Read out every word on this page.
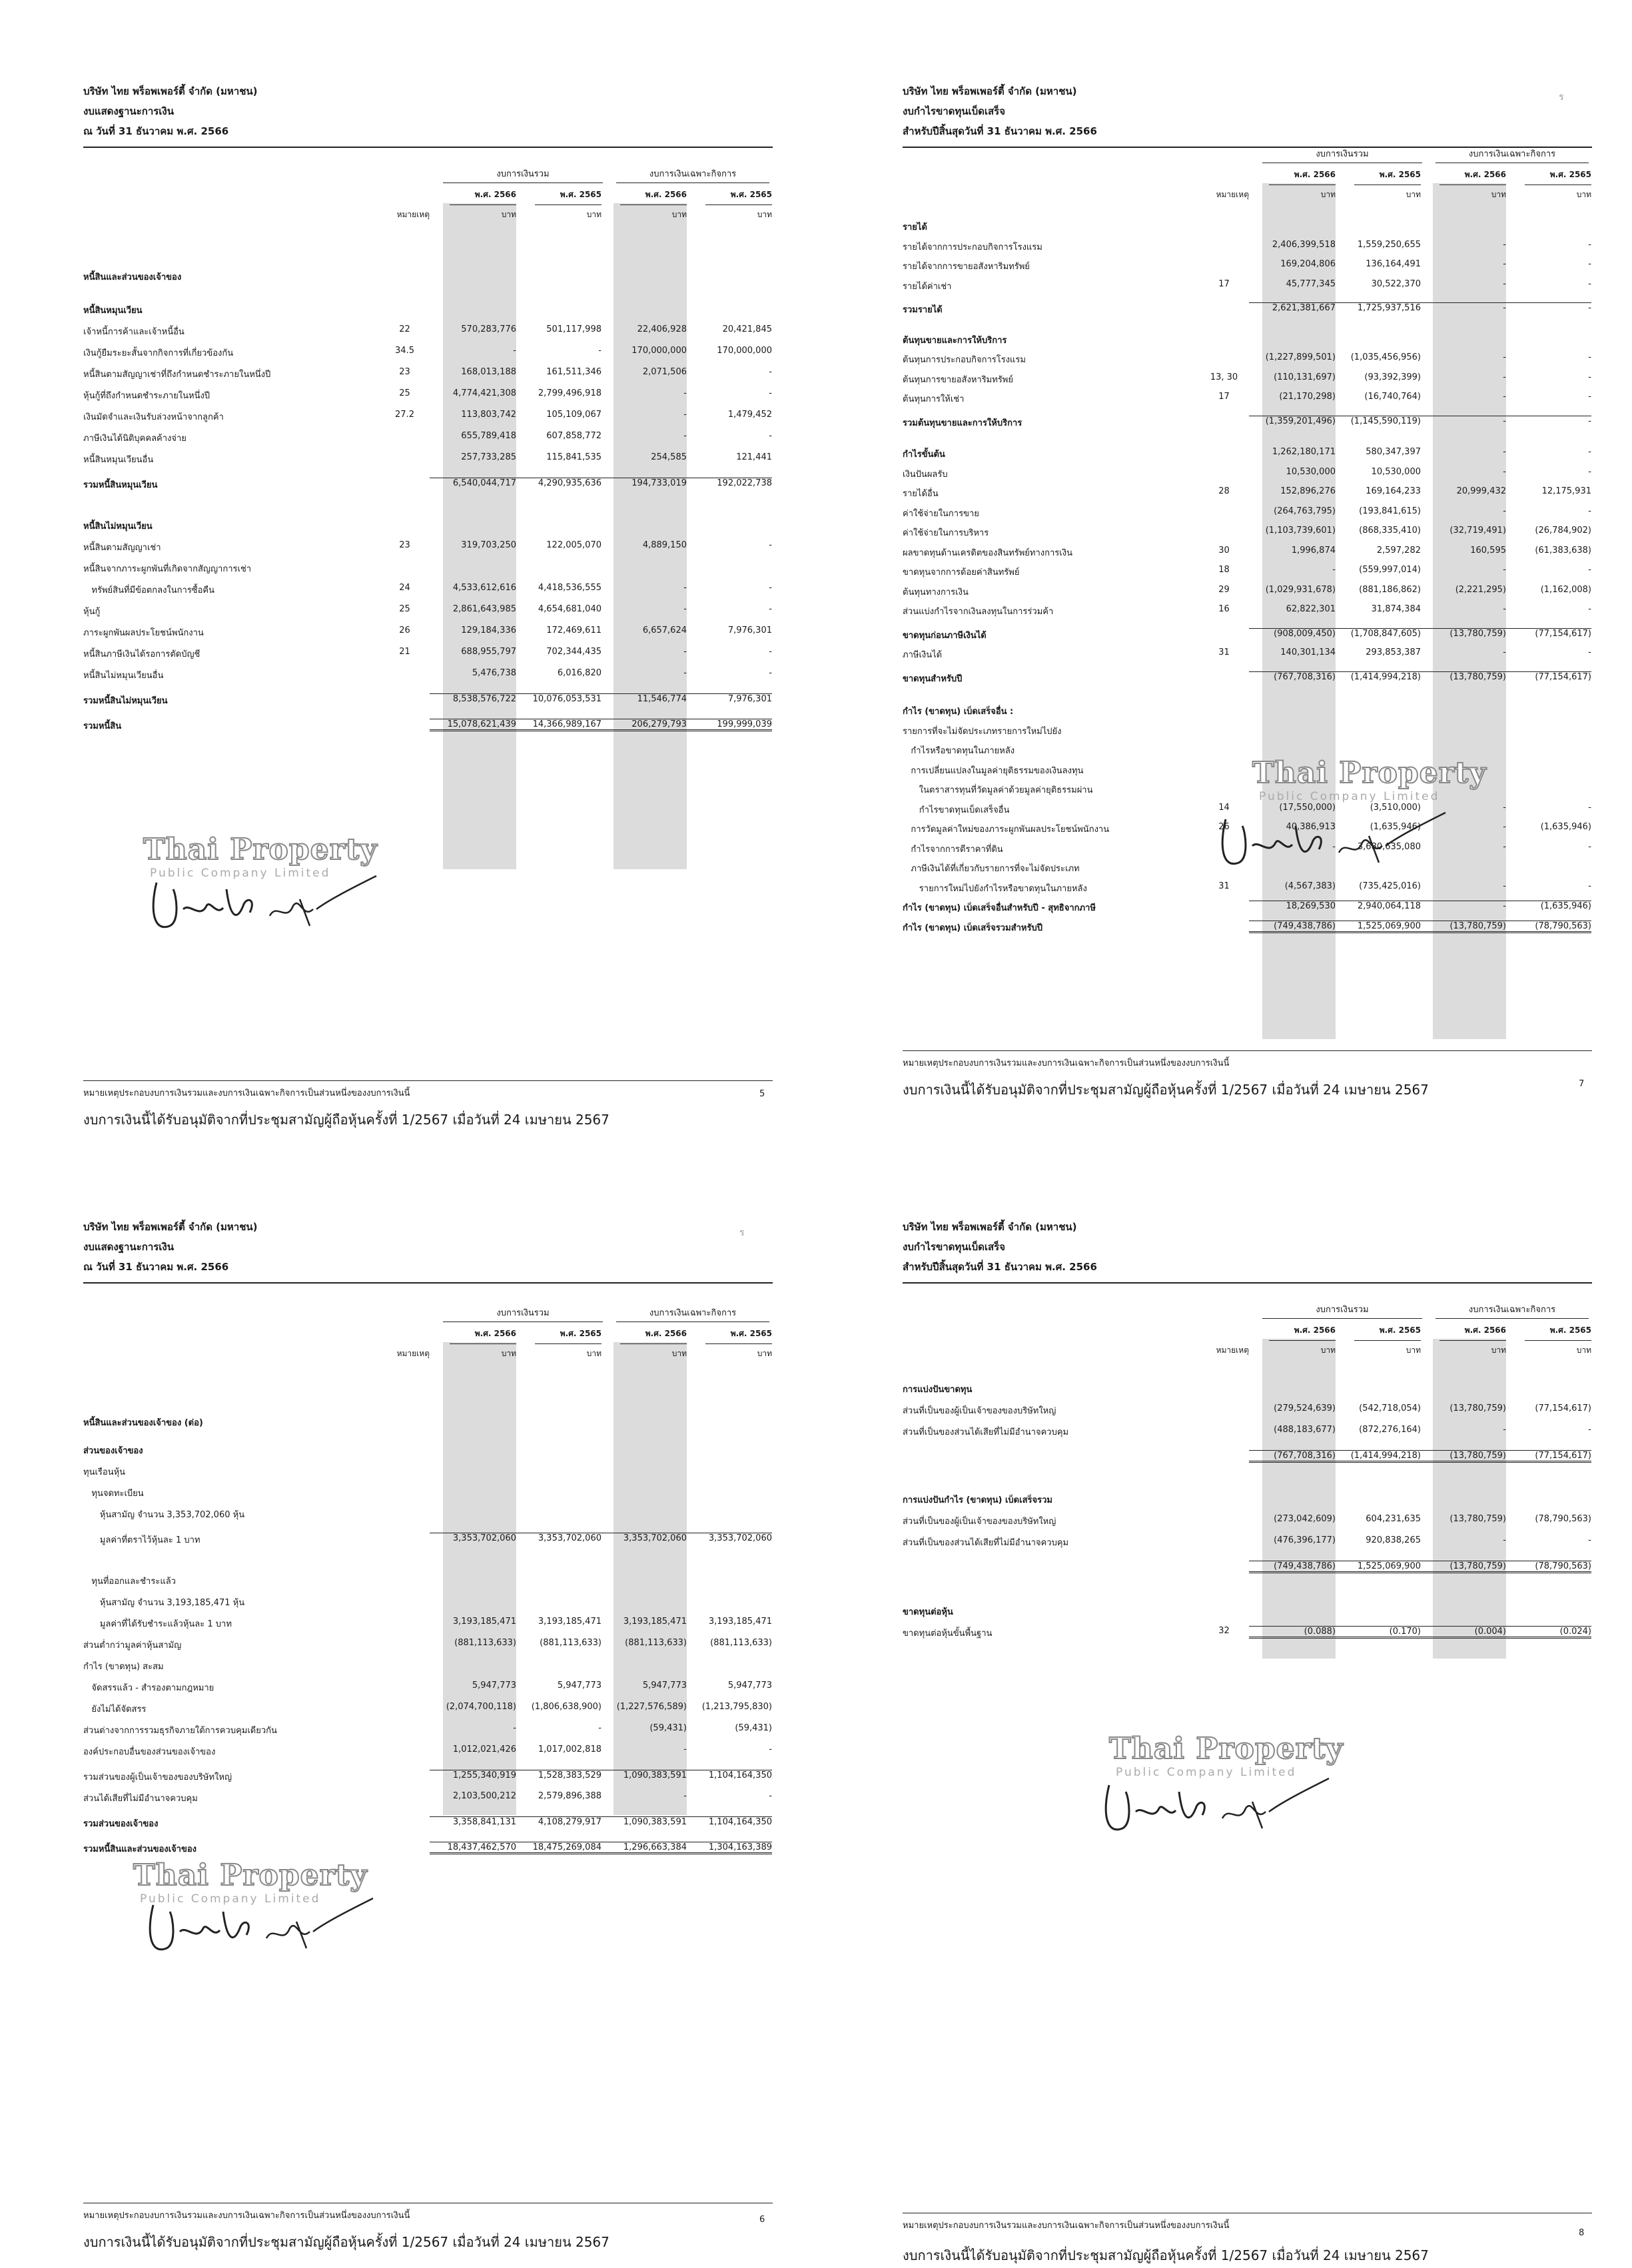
บริษัท ไทย พร็อพเพอร์ตี้ จำกัด (มหาชน)
งบแสดงฐานะการเงิน
ณ วันที่ 31 ธันวาคม พ.ศ. 2566
งบการเงินรวม	งบการเงินเฉพาะกิจการ
พ.ศ. 2566
บาท
พ.ศ. 2565
บาท
พ.ศ. 2566
บาท
พ.ศ. 2565
บาท
หมายเหตุ
หนี้สินและส่วนของเจ้าของ
หนี้สินหมุนเวียน
เจ้าหนี้การค้าและเจ้าหนี้อื่น	22	570,283,776	501,117,998	22,406,928	20,421,845
เงินกู้ยืมระยะสั้นจากกิจการที่เกี่ยวข้องกัน	34.5	-	-	170,000,000	170,000,000
หนี้สินตามสัญญาเช่าที่ถึงกำหนดชำระภายในหนึ่งปี	23	168,013,188	161,511,346	2,071,506	-
หุ้นกู้ที่ถึงกำหนดชำระภายในหนึ่งปี	25	4,774,421,308	2,799,496,918	-	-
เงินมัดจำและเงินรับล่วงหน้าจากลูกค้า	27.2	113,803,742	105,109,067	-	1,479,452
ภาษีเงินได้นิติบุคคลค้างจ่าย	655,789,418	607,858,772	-	-
หนี้สินหมุนเวียนอื่น	257,733,285	115,841,535	254,585	121,441
รวมหนี้สินหมุนเวียน	6,540,044,717	4,290,935,636	194,733,019	192,022,738
หนี้สินไม่หมุนเวียน
หนี้สินตามสัญญาเช่า	23	319,703,250	122,005,070	4,889,150	-
หนี้สินจากภาระผูกพันที่เกิดจากสัญญาการเช่า
ทรัพย์สินที่มีข้อตกลงในการซื้อคืน	24	4,533,612,616	4,418,536,555	-	-
หุ้นกู้	25	2,861,643,985	4,654,681,040	-	-
ภาระผูกพันผลประโยชน์พนักงาน	26	129,184,336	172,469,611	6,657,624	7,976,301
หนี้สินภาษีเงินได้รอการตัดบัญชี	21	688,955,797	702,344,435	-	-
หนี้สินไม่หมุนเวียนอื่น	5,476,738	6,016,820	-	-
รวมหนี้สินไม่หมุนเวียน	8,538,576,722	10,076,053,531	11,546,774	7,976,301
รวมหนี้สิน	15,078,621,439	14,366,989,167	206,279,793	199,999,039
Thai Property
Public Company Limited
หมายเหตุประกอบงบการเงินรวมและงบการเงินเฉพาะกิจการเป็นส่วนหนึ่งของงบการเงินนี้
งบการเงินนี้ได้รับอนุมัติจากที่ประชุมสามัญผู้ถือหุ้นครั้งที่ 1/2567 เมื่อวันที่ 24 เมษายน 2567
5
บริษัท ไทย พร็อพเพอร์ตี้ จำกัด (มหาชน)
งบกำไรขาดทุนเบ็ดเสร็จ
สำหรับปีสิ้นสุดวันที่ 31 ธันวาคม พ.ศ. 2566
ร
งบการเงินรวม	งบการเงินเฉพาะกิจการ
พ.ศ. 2566
บาท
พ.ศ. 2565
บาท
พ.ศ. 2566
บาท
พ.ศ. 2565
บาท
หมายเหตุ
รายได้
รายได้จากการประกอบกิจการโรงแรม	2,406,399,518	1,559,250,655	-	-
รายได้จากการขายอสังหาริมทรัพย์	169,204,806	136,164,491	-	-
รายได้ค่าเช่า	17	45,777,345	30,522,370	-	-
รวมรายได้	2,621,381,667	1,725,937,516	-	-
ต้นทุนขายและการให้บริการ
ต้นทุนการประกอบกิจการโรงแรม	(1,227,899,501)	(1,035,456,956)	-	-
ต้นทุนการขายอสังหาริมทรัพย์	13, 30	(110,131,697)	(93,392,399)	-	-
ต้นทุนการให้เช่า	17	(21,170,298)	(16,740,764)	-	-
รวมต้นทุนขายและการให้บริการ	(1,359,201,496)	(1,145,590,119)	-	-
กำไรขั้นต้น	1,262,180,171	580,347,397	-	-
เงินปันผลรับ	10,530,000	10,530,000	-	-
รายได้อื่น	28	152,896,276	169,164,233	20,999,432	12,175,931
ค่าใช้จ่ายในการขาย	(264,763,795)	(193,841,615)	-	-
ค่าใช้จ่ายในการบริหาร	(1,103,739,601)	(868,335,410)	(32,719,491)	(26,784,902)
ผลขาดทุนด้านเครดิตของสินทรัพย์ทางการเงิน	30	1,996,874	2,597,282	160,595	(61,383,638)
ขาดทุนจากการด้อยค่าสินทรัพย์	18	-	(559,997,014)	-	-
ต้นทุนทางการเงิน	29	(1,029,931,678)	(881,186,862)	(2,221,295)	(1,162,008)
ส่วนแบ่งกำไรจากเงินลงทุนในการร่วมค้า	16	62,822,301	31,874,384	-	-
ขาดทุนก่อนภาษีเงินได้	(908,009,450)	(1,708,847,605)	(13,780,759)	(77,154,617)
ภาษีเงินได้	31	140,301,134	293,853,387	-	-
ขาดทุนสำหรับปี	(767,708,316)	(1,414,994,218)	(13,780,759)	(77,154,617)
กำไร (ขาดทุน) เบ็ดเสร็จอื่น :
รายการที่จะไม่จัดประเภทรายการใหม่ไปยัง
กำไรหรือขาดทุนในภายหลัง
การเปลี่ยนแปลงในมูลค่ายุติธรรมของเงินลงทุน
ในตราสารทุนที่วัดมูลค่าด้วยมูลค่ายุติธรรมผ่าน
กำไรขาดทุนเบ็ดเสร็จอื่น	14	(17,550,000)	(3,510,000)	-	-
การวัดมูลค่าใหม่ของภาระผูกพันผลประโยชน์พนักงาน	26	40,386,913	(1,635,946)	-	(1,635,946)
กำไรจากการตีราคาที่ดิน	-	3,680,635,080	-	-
ภาษีเงินได้ที่เกี่ยวกับรายการที่จะไม่จัดประเภท
รายการใหม่ไปยังกำไรหรือขาดทุนในภายหลัง	31	(4,567,383)	(735,425,016)	-	-
กำไร (ขาดทุน) เบ็ดเสร็จอื่นสำหรับปี - สุทธิจากภาษี	18,269,530	2,940,064,118	-	(1,635,946)
กำไร (ขาดทุน) เบ็ดเสร็จรวมสำหรับปี	(749,438,786)	1,525,069,900	(13,780,759)	(78,790,563)
Thai Property
Public Company Limited
หมายเหตุประกอบงบการเงินรวมและงบการเงินเฉพาะกิจการเป็นส่วนหนึ่งของงบการเงินนี้
งบการเงินนี้ได้รับอนุมัติจากที่ประชุมสามัญผู้ถือหุ้นครั้งที่ 1/2567 เมื่อวันที่ 24 เมษายน 2567	7
บริษัท ไทย พร็อพเพอร์ตี้ จำกัด (มหาชน)
งบแสดงฐานะการเงิน
ณ วันที่ 31 ธันวาคม พ.ศ. 2566
ร
งบการเงินรวม	งบการเงินเฉพาะกิจการ
พ.ศ. 2566
บาท
พ.ศ. 2565
บาท
พ.ศ. 2566
บาท
พ.ศ. 2565
บาท
หมายเหตุ
หนี้สินและส่วนของเจ้าของ (ต่อ)
ส่วนของเจ้าของ
ทุนเรือนหุ้น
ทุนจดทะเบียน
หุ้นสามัญ จำนวน 3,353,702,060 หุ้น
มูลค่าที่ตราไว้หุ้นละ 1 บาท	3,353,702,060	3,353,702,060	3,353,702,060	3,353,702,060
ทุนที่ออกและชำระแล้ว
หุ้นสามัญ จำนวน 3,193,185,471 หุ้น
มูลค่าที่ได้รับชำระแล้วหุ้นละ 1 บาท	3,193,185,471	3,193,185,471	3,193,185,471	3,193,185,471
ส่วนต่ำกว่ามูลค่าหุ้นสามัญ	(881,113,633)	(881,113,633)	(881,113,633)	(881,113,633)
กำไร (ขาดทุน) สะสม
จัดสรรแล้ว - สำรองตามกฎหมาย	5,947,773	5,947,773	5,947,773	5,947,773
ยังไม่ได้จัดสรร	(2,074,700,118)	(1,806,638,900)	(1,227,576,589)	(1,213,795,830)
ส่วนต่างจากการรวมธุรกิจภายใต้การควบคุมเดียวกัน	-	-	(59,431)	(59,431)
องค์ประกอบอื่นของส่วนของเจ้าของ	1,012,021,426	1,017,002,818	-	-
รวมส่วนของผู้เป็นเจ้าของของบริษัทใหญ่	1,255,340,919	1,528,383,529	1,090,383,591	1,104,164,350
ส่วนได้เสียที่ไม่มีอำนาจควบคุม	2,103,500,212	2,579,896,388	-	-
รวมส่วนของเจ้าของ	3,358,841,131	4,108,279,917	1,090,383,591	1,104,164,350
รวมหนี้สินและส่วนของเจ้าของ	18,437,462,570	18,475,269,084	1,296,663,384	1,304,163,389
Thai Property
Public Company Limited
หมายเหตุประกอบงบการเงินรวมและงบการเงินเฉพาะกิจการเป็นส่วนหนึ่งของงบการเงินนี้
งบการเงินนี้ได้รับอนุมัติจากที่ประชุมสามัญผู้ถือหุ้นครั้งที่ 1/2567 เมื่อวันที่ 24 เมษายน 2567
6
บริษัท ไทย พร็อพเพอร์ตี้ จำกัด (มหาชน)
งบกำไรขาดทุนเบ็ดเสร็จ
สำหรับปีสิ้นสุดวันที่ 31 ธันวาคม พ.ศ. 2566
งบการเงินรวม	งบการเงินเฉพาะกิจการ
พ.ศ. 2566
บาท
พ.ศ. 2565
บาท
พ.ศ. 2566
บาท
พ.ศ. 2565
บาท
หมายเหตุ
การแบ่งปันขาดทุน
ส่วนที่เป็นของผู้เป็นเจ้าของของบริษัทใหญ่	(279,524,639)	(542,718,054)	(13,780,759)	(77,154,617)
ส่วนที่เป็นของส่วนได้เสียที่ไม่มีอำนาจควบคุม	(488,183,677)	(872,276,164)	-	-
(767,708,316)	(1,414,994,218)	(13,780,759)	(77,154,617)
การแบ่งปันกำไร (ขาดทุน) เบ็ดเสร็จรวม
ส่วนที่เป็นของผู้เป็นเจ้าของของบริษัทใหญ่	(273,042,609)	604,231,635	(13,780,759)	(78,790,563)
ส่วนที่เป็นของส่วนได้เสียที่ไม่มีอำนาจควบคุม	(476,396,177)	920,838,265	-	-
(749,438,786)	1,525,069,900	(13,780,759)	(78,790,563)
ขาดทุนต่อหุ้น
ขาดทุนต่อหุ้นขั้นพื้นฐาน	32	(0.088)	(0.170)	(0.004)	(0.024)
Thai Property
Public Company Limited
หมายเหตุประกอบงบการเงินรวมและงบการเงินเฉพาะกิจการเป็นส่วนหนึ่งของงบการเงินนี้
งบการเงินนี้ได้รับอนุมัติจากที่ประชุมสามัญผู้ถือหุ้นครั้งที่ 1/2567 เมื่อวันที่ 24 เมษายน 2567
8
